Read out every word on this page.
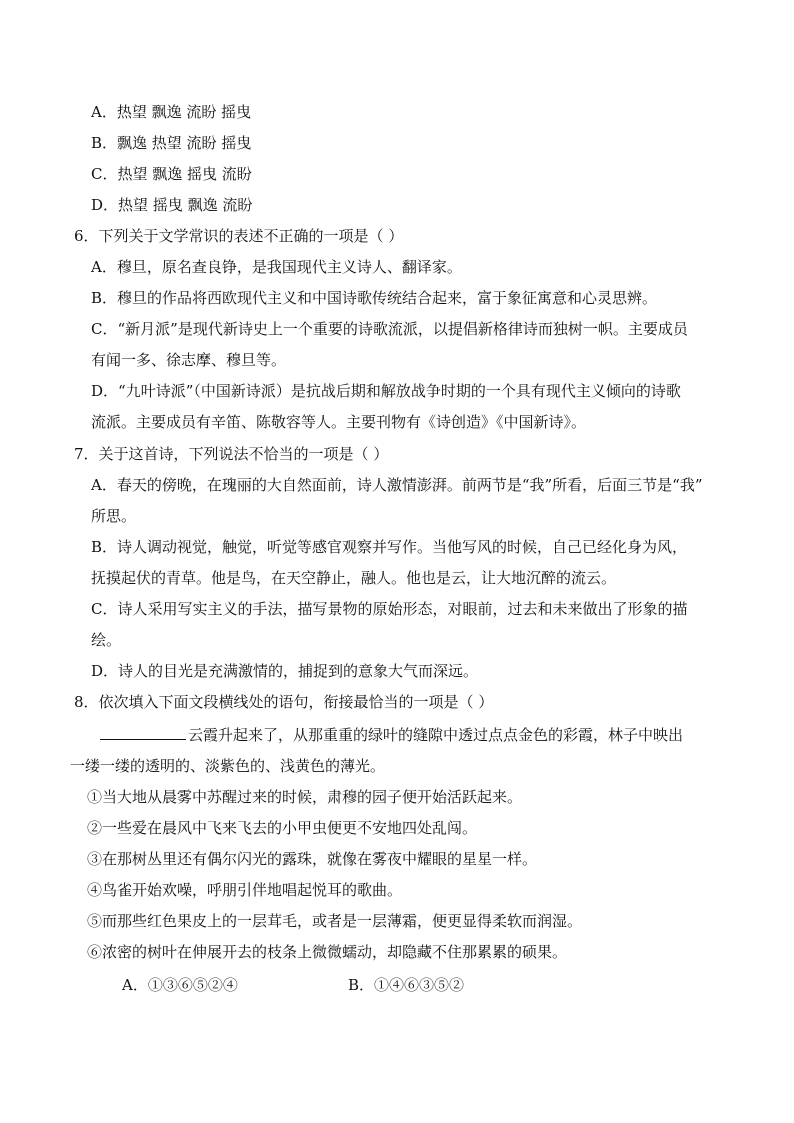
A．热望 飘逸 流盼 摇曳
B．飘逸 热望 流盼 摇曳
C．热望 飘逸 摇曳 流盼
D．热望 摇曳 飘逸 流盼
6．下列关于文学常识的表述不正确的一项是（ ）
A．穆旦，原名查良铮，是我国现代主义诗人、翻译家。
B．穆旦的作品将西欧现代主义和中国诗歌传统结合起来，富于象征寓意和心灵思辨。
C．“新月派”是现代新诗史上一个重要的诗歌流派，以提倡新格律诗而独树一帜。主要成员
有闻一多、徐志摩、穆旦等。
D．“九叶诗派”（中国新诗派）是抗战后期和解放战争时期的一个具有现代主义倾向的诗歌
流派。主要成员有辛笛、陈敬容等人。主要刊物有《诗创造》《中国新诗》。
7．关于这首诗，下列说法不恰当的一项是（ ）
A．春天的傍晚，在瑰丽的大自然面前，诗人激情澎湃。前两节是“我”所看，后面三节是“我”
所思。
B．诗人调动视觉，触觉，听觉等感官观察并写作。当他写风的时候，自己已经化身为风，
抚摸起伏的青草。他是鸟，在天空静止，融人。他也是云，让大地沉醉的流云。
C．诗人采用写实主义的手法，描写景物的原始形态，对眼前，过去和未来做出了形象的描
绘。
D．诗人的目光是充满激情的，捕捉到的意象大气而深远。
8．依次填入下面文段横线处的语句，衔接最恰当的一项是（ ）
云霞升起来了，从那重重的绿叶的缝隙中透过点点金色的彩霞，林子中映出
一缕一缕的透明的、淡紫色的、浅黄色的薄光。
①当大地从晨雾中苏醒过来的时候，肃穆的园子便开始活跃起来。
②一些爱在晨风中飞来飞去的小甲虫便更不安地四处乱闯。
③在那树丛里还有偶尔闪光的露珠，就像在雾夜中耀眼的星星一样。
④鸟雀开始欢噪，呼朋引伴地唱起悦耳的歌曲。
⑤而那些红色果皮上的一层茸毛，或者是一层薄霜，便更显得柔软而润湿。
⑥浓密的树叶在伸展开去的枝条上微微蠕动，却隐藏不住那累累的硕果。
A．①③⑥⑤②④	B．①④⑥③⑤②
